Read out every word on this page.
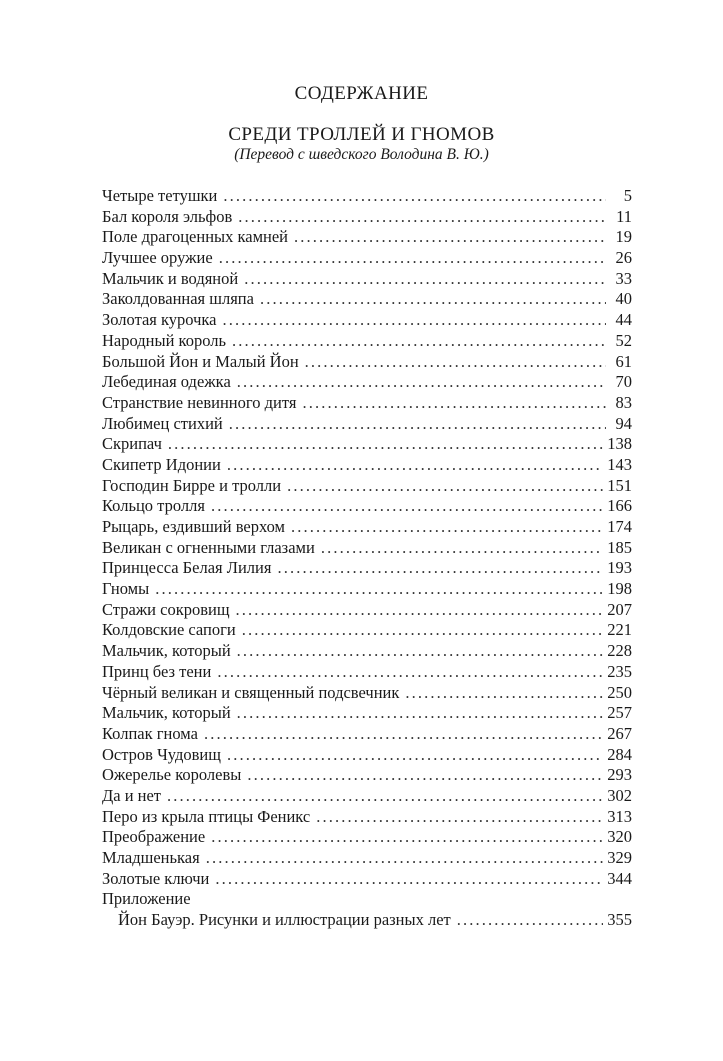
СОДЕРЖАНИЕ
СРЕДИ ТРОЛЛЕЙ И ГНОМОВ
(Перевод с шведского Володина В. Ю.)
Четыре тетушки . . .	5
Бал короля эльфов . . .	11
Поле драгоценных камней . . .	19
Лучшее оружие . . .	26
Мальчик и водяной . . .	33
Заколдованная шляпа . . .	40
Золотая курочка . . .	44
Народный король . . .	52
Большой Йон и Малый Йон . . .	61
Лебединая одежка . . .	70
Странствие невинного дитя . . .	83
Любимец стихий . . .	94
Скрипач . . .	138
Скипетр Идонии . . .	143
Господин Бирре и тролли . . .	151
Кольцо тролля . . .	166
Рыцарь, ездивший верхом . . .	174
Великан с огненными глазами . . .	185
Принцесса Белая Лилия . . .	193
Гномы . . .	198
Стражи сокровищ . . .	207
Колдовские сапоги . . .	221
Мальчик, который . . .	228
Принц без тени . . .	235
Чёрный великан и священный подсвечник . . .	250
Мальчик, который . . .	257
Колпак гнома . . .	267
Остров Чудовищ . . .	284
Ожерелье королевы . . .	293
Да и нет . . .	302
Перо из крыла птицы Феникс . . .	313
Преображение . . .	320
Младшенькая . . .	329
Золотые ключи . . .	344
Приложение
Йон Бауэр. Рисунки и иллюстрации разных лет . . .	355
